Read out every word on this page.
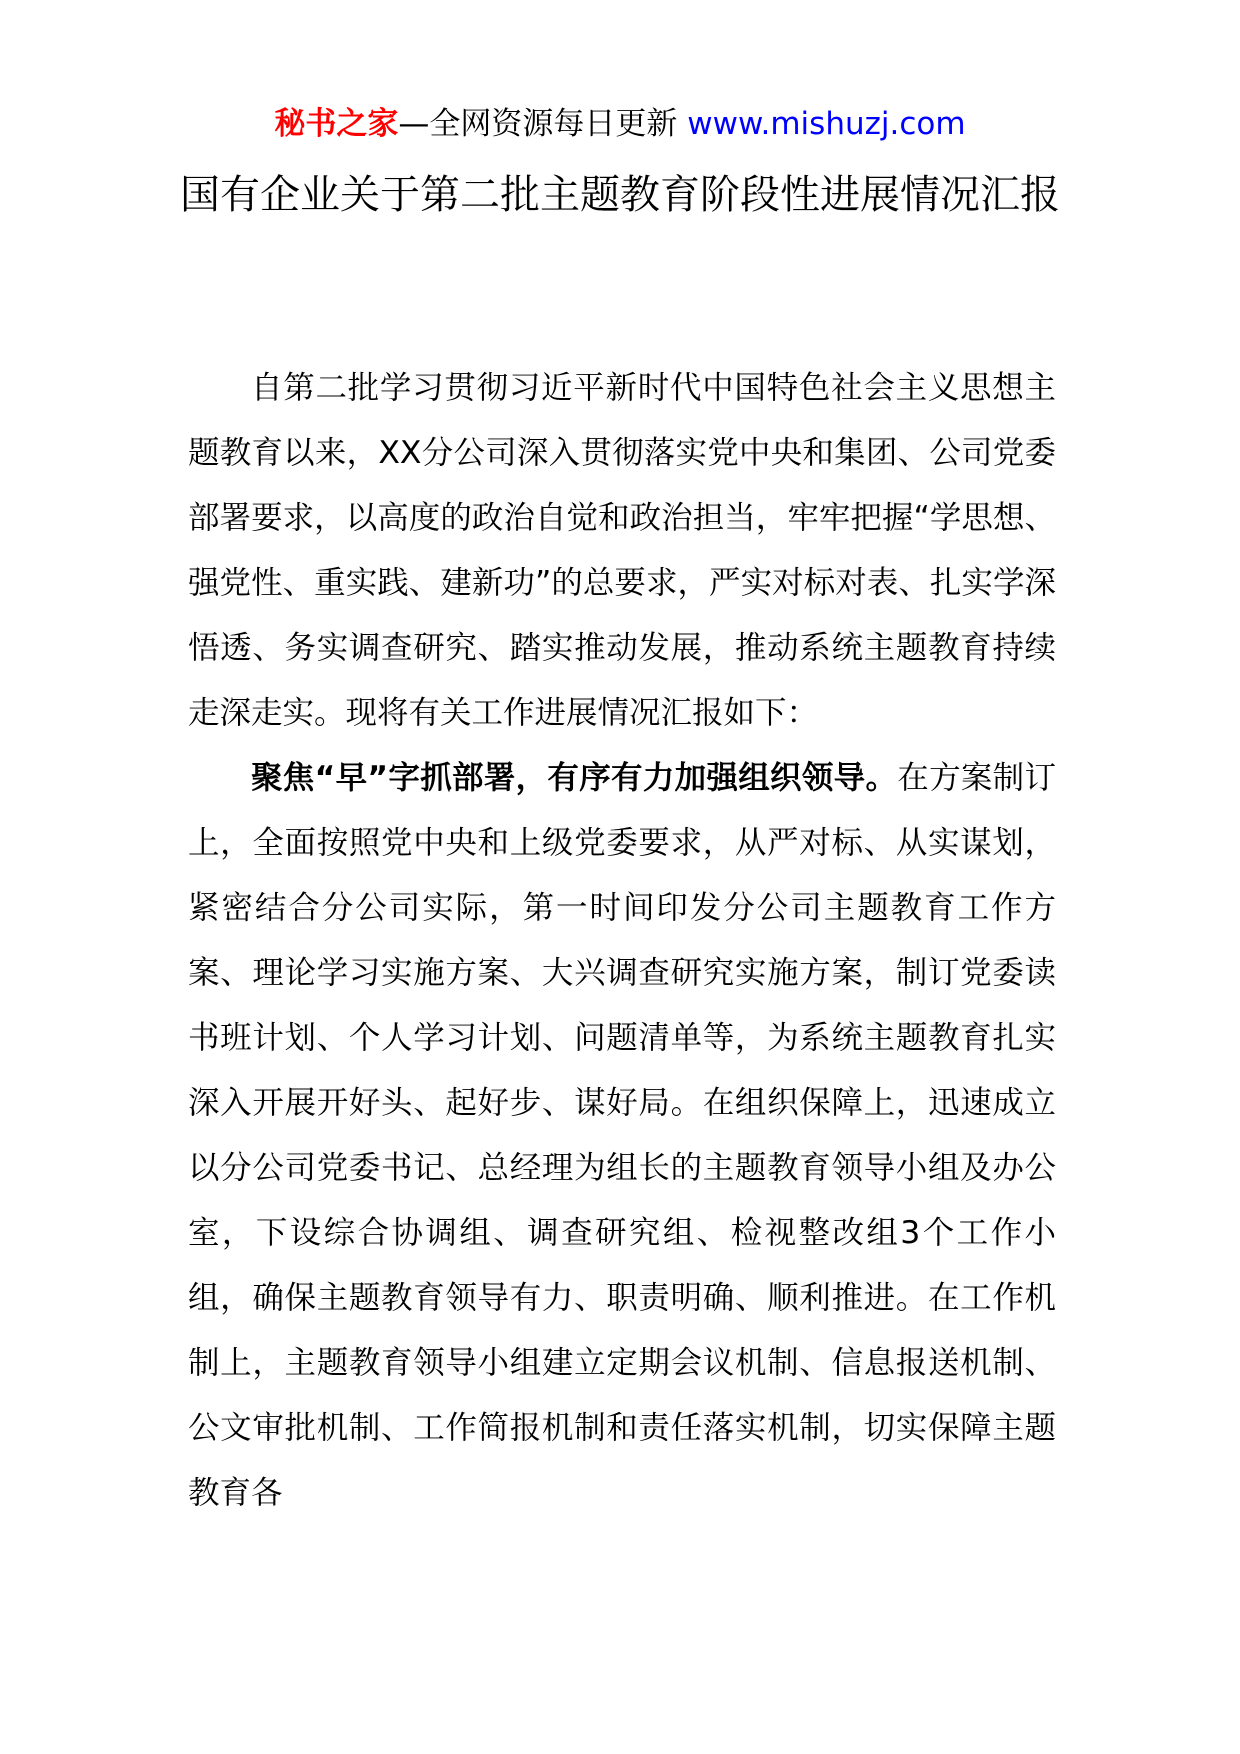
秘书之家—全网资源每日更新 www.mishuzj.com
国有企业关于第二批主题教育阶段性进展情况汇报

自第二批学习贯彻习近平新时代中国特色社会主义思想主题教育以来，XX分公司深入贯彻落实党中央和集团、公司党委部署要求，以高度的政治自觉和政治担当，牢牢把握“学思想、强党性、重实践、建新功”的总要求，严实对标对表、扎实学深悟透、务实调查研究、踏实推动发展，推动系统主题教育持续走深走实。现将有关工作进展情况汇报如下：

聚焦“早”字抓部署，有序有力加强组织领导。在方案制订上，全面按照党中央和上级党委要求，从严对标、从实谋划，紧密结合分公司实际，第一时间印发分公司主题教育工作方案、理论学习实施方案、大兴调查研究实施方案，制订党委读书班计划、个人学习计划、问题清单等，为系统主题教育扎实深入开展开好头、起好步、谋好局。在组织保障上，迅速成立以分公司党委书记、总经理为组长的主题教育领导小组及办公室，下设综合协调组、调查研究组、检视整改组3个工作小组，确保主题教育领导有力、职责明确、顺利推进。在工作机制上，主题教育领导小组建立定期会议机制、信息报送机制、公文审批机制、工作简报机制和责任落实机制，切实保障主题教育各
